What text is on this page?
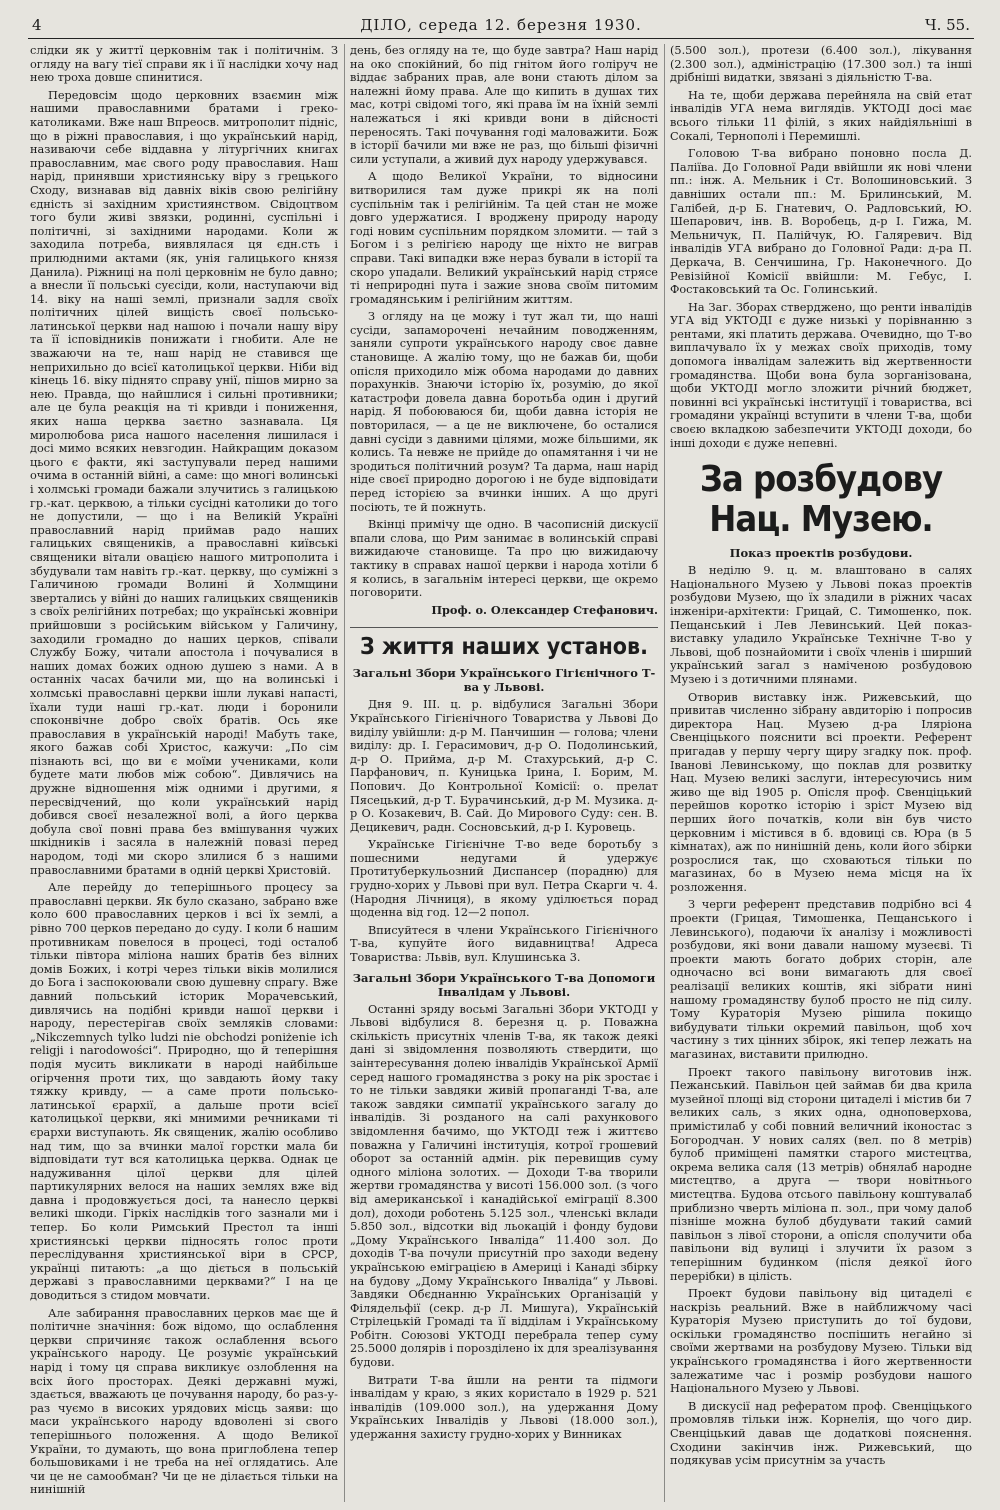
ДІЛО, середа 12. березня 1930.
4	Ч. 55.

слідки як у життї церковнім так і політичнім. З огляду на вагу тієї справи як і її наслідки хочу над нею троха довше спинитися.

Передовсім щодо церковних взаємин між нашими православними братами і греко-католиками. Вже наш Впреосв. митрополит підніс, що в ріжні православия, і що український нарід, називаючи себе віддавна у літургічних книгах православним, має свого роду православия. Наш нарід, принявши християнську віру з грецького Сходу, визнавав від давніх віків свою релігійну єдність зі західним християнством. Свідоцтвом того були живі звязки, родинні, суспільні і політичні, зі західними народами. Коли ж заходила потреба, виявлялася ця єдн.сть і прилюдними актами (як, унія галицького князя Данила). Ріжниці на полі церковнім не було давно; а внесли її польські суєсіди, коли, наступаючи від 14. віку на наші землі, признали задля своїх політичних цілей вищість своєї польсько-латинської церкви над нашою і почали нашу віру та її ісповідників понижати і гнобити. Але не зважаючи на те, наш нарід не ставився ще неприхильно до всієї католицької церкви. Ніби від кінець 16. віку піднято справу унії, пішов мирно за нею. Правда, що найшлися і сильні противники; але це була реакція на ті кривди і пониження, яких наша церква заєтно зазнавала. Ця миролюбова риса нашого населення лишилася і досі мимо всяких невзгодин. Найкращим доказом цього є факти, які заступували перед нашими очима в останній війні, а саме: що многі волинські і холмські громади бажали злучитись з галицькою гр.-кат. церквою, а тільки сусідні католики до того не допустили, — що і на Великій Україні православний нарід приймав радо наших галицьких священиків, а православні київські священики вітали овацією нашого митрополита і збудували там навіть гр.-кат. церкву, що суміжні з Галичиною громади Волині й Холмщини звертались у війні до наших галицьких священиків з своїх релігійних потребах; що українські жовніри прийшовши з російським військом у Галичину, заходили громадно до наших церков, співали Службу Божу, читали апостола і почувалися в наших домах божих одною душею з нами. А в останніх часах бачили ми, що на волинські і холмські православні церкви ішли лукаві напасті, їхали туди наші гр.-кат. люди і боронили споконвічне добро своїх братів. Ось яке православия в українській народі! Мабуть таке, якого бажав собі Христос, кажучи: „По сім пізнають всі, що ви є моїми учениками, коли будете мати любов між собою“. Дивлячись на дружне відношення між одними і другими, я пересвідчений, що коли український нарід добився своєї незалежної волі, а його церква добула свої повні права без вмішування чужих шкідників і засяла в належній повазі перед народом, тоді ми скоро злилися б з нашими православними братами в одній церкві Христовій.

Але перейду до теперішнього процесу за православні церкви. Як було сказано, забрано вже коло 600 православних церков і всі їх землі, а рівно 700 церков передано до суду. І коли б нашим противникам повелося в процесі, тоді осталоб тільки півтора міліона наших братів без вілних домів Божих, і котрі через тільки віків молилися до Бога і заспокоювали свою душевну спрагу. Вже давний польський історик Морачевський, дивлячись на подібні кривди нашої церкви і народу, перестерігав своїх земляків словами: „Nikczemnych tylko ludzi nie obchodzi poniżenie ich religji i narodowości“. Природно, що й теперішня подія мусить викликати в народі найбільше огірчення проти тих, що завдають йому таку тяжку кривду, — а саме проти польсько-латинської єрархії, а дальше проти всієї католицької церкви, які мнимими речниками ті єрархи виступають. Як священик, жалію особливо над тим, що за вчинки малої горстки мала би відповідати тут вся католицька церква. Однак це надуживання цілої церкви для цілей партикулярних велося на наших землях вже від давна і продовжується досі, та нанесло церкві великі шкоди. Гіркіх наслідків того зазнали ми і тепер. Бо коли Римський Престол та інші християнські церкви підносять голос проти переслідування християнської віри в СРСР, українці питають: „а що діється в польській державі з православними церквами?“ І на це доводиться з стидом мовчати.

Але забирання православних церков має ще й політичне значіння: бож відомо, що ослаблення церкви спричиняє також ослаблення всього українського народу. Це розуміє український нарід і тому ця справа викликує озлоблення на всіх його просторах. Деякі державні мужі, здається, вважають це почування народу, бо раз-у-раз чуємо в високих урядових місць заяви: що маси українського народу вдоволені зі свого теперішнього положення. А щодо Великої України, то думають, що вона приглоблена тепер большовиками і не треба на неї оглядатись. Але чи це не самообман? Чи це не ділається тільки на нинішній

день, без огляду на те, що буде завтра? Наш нарід на око спокійний, бо під гнітом його голіруч не віддає забраних прав, але вони стають ділом за належні йому права. Але що кипить в душах тих мас, котрі свідомі того, які права їм на їхній землі належаться і які кривди вони в дійсності переносять. Такі почування годі маловажити. Бож в історії бачили ми вже не раз, що більші фізичні сили уступали, а живий дух народу удержувався.

А щодо Великої України, то відносини витворилися там дуже прикрі як на полі суспільнім так і релігійнім. Та цей стан не може довго удержатися. І вроджену природу народу годі новим суспільним порядком зломити. — тай з Богом і з релігією народу ще ніхто не виграв справи. Такі випадки вже нераз бували в історії та скоро упадали. Великий український нарід стрясе ті неприродні пута і зажие знова своїм питомим громадянським і релігійним життям.

З огляду на це можу і тут жал ти, що наші сусіди, запаморочені нечайним поводженням, заняли супроти українського народу своє давне становище. А жалію тому, що не бажав би, щоби опісля приходило між обома народами до давних порахунків. Знаючи історію їх, розумію, до якої катастрофи довела давна боротьба один і другий нарід. Я побоюваюся би, щоби давна історія не повторилася, — а це не виключене, бо осталися давні сусіди з давними цілями, може більшими, як колись. Та невже не прийде до опамятання і чи не зродиться політичний розум? Та дарма, наш нарід ніде своєї природно дорогою і не буде відповідати перед історією за вчинки інших. А що другі посіють, те й пожнуть.

Вкінці примічу ще одно. В часописній дискусії впали слова, що Рим занимає в волинській справі вижидаюче становище. Та про цю вижидаючу тактику в справах нашої церкви і народа хотіли б я колись, в загальнім інтересі церкви, ще окремо поговорити.

Проф. о. Олександер Стефанович.

З життя наших установ.
Загальні Збори Українського Гігієнічного Т-ва у Львові.

Дня 9. ІІІ. ц. р. відбулися Загальні Збори Українського Гігієнічного Товариства у Львові До виділу увійшли: д-р М. Панчишин — голова; члени виділу: др. І. Герасимович, д-р О. Подолинський, д-р О. Прийма, д-р М. Стахурський, д-р С. Парфанович, п. Куницька Ірина, І. Борим, М. Попович. До Контрольної Комісії: о. прелат Пясецький, д-р Т. Бурачинський, д-р М. Музика. д-р О. Козакевич, В. Сай. До Мирового Суду: сен. В. Децикевич, радн. Сосновський, д-р І. Куровець.

Українське Гігієнічне Т-во веде боротьбу з пошесними недугами й удержує Протитуберкульозний Диспансер (порадню) для грудно-хорих у Львові при вул. Петра Скарги ч. 4. (Народня Лічниця), в якому уділюється порад щоденна від год. 12—2 попол.

Вписуйтеся в члени Українського Гігієнічного Т-ва, купуйте його видавництва! Адреса Товариства: Львів, вул. Клушинська 3.

Загальні Збори Українського Т-ва Допомоги Інвалідам у Львові.

Останні зряду восьмі Загальні Збори УКТОДІ у Львові відбулися 8. березня ц. р. Поважна скількість присутніх членів Т-ва, як також деякі дані зі звідомлення позволяють ствердити, що заінтересування долею інвалідів Української Армії серед нашого громадянства з року на рік зростає і то не тільки завдяки живій пропаганді Т-ва, але також завдяки симпатії українського загалу до інвалідів. Зі розданого на салі рахункового звідомлення бачимо, що УКТОДІ теж і життєво поважна у Галичині інституція, котрої грошевий оборот за останній адмін. рік перевищив суму одного міліона золотих. — Доходи Т-ва творили жертви громадянства у висоті 156.000 зол. (з чого від американської і канадійської еміграції 8.300 дол), доходи роботень 5.125 зол., членські вклади 5.850 зол., відсотки від льокацій і фонду будови „Дому Українського Інваліда“ 11.400 зол. До доходів Т-ва почули присутній про заходи ведену українською еміграцією в Америці і Канаді збірку на будову „Дому Українського Інваліда“ у Львові. Завдяки Обєднанню Українських Організацій у Філядельфії (секр. д-р Л. Мишуга), Українській Стрілецькій Громаді та її відділам і Українському Робітн. Союзові УКТОДІ перебрала тепер суму 25.5000 долярів і порозділено іх для зреалізування будови.

Витрати Т-ва йшли на ренти та підмоги інвалідам у краю, з яких користало в 1929 р. 521 інвалідів (109.000 зол.), на удержання Дому Українських Інвалідів у Львові (18.000 зол.), удержання захисту грудно-хорих у Винниках

(5.500 зол.), протези (6.400 зол.), лікування (2.300 зол.), адміністрацію (17.300 зол.) та інші дрібніші видатки, звязані з діяльністю Т-ва.

На те, щоби держава перейняла на свій етат інвалідів УГА нема виглядів. УКТОДІ досі має всього тільки 11 філій, з яких найдіяльніші в Сокалі, Тернополі і Перемишлі.

Головою Т-ва вибрано поновно посла Д. Паліїва. До Головної Ради ввійшли як нові члени пп.: інж. А. Мельник і Ст. Волошиновський. З давніших остали пп.: М. Брилинський, М. Галібей, д-р Б. Гнатевич, О. Радловський, Ю. Шепарович, інв. В. Воробець, д-р І. Гижа, М. Мельничук, П. Палійчук, Ю. Галяревич. Від інвалідів УГА вибрано до Головної Ради: д-ра П. Деркача, В. Сенчишина, Гр. Наконечного. До Ревізійної Комісії ввійшли: М. Гебус, І. Фостаковський та Ос. Голинський.

На Заг. Зборах стверджено, що ренти інвалідів УГА від УКТОДІ є дуже низькі у порівнанню з рентами, які платить держава. Очевидно, що Т-во виплачувало їх у межах своїх приходів, тому допомога інвалідам залежить від жертвенности громадянства. Щоби вона була зорганізована, щоби УКТОДІ могло зложити річний бюджет, повинні всі українські інституції і товариства, всі громадяни українці вступити в члени Т-ва, щоби своєю вкладкою забезпечити УКТОДІ доходи, бо інші доходи є дуже непевні.

За розбудову Нац. Музею.
Показ проектів розбудови.

В неділю 9. ц. м. влаштовано в салях Національного Музею у Львові показ проектів розбудови Музею, що їх зладили в ріжних часах інженіри-архітекти: Грицай, С. Тимошенко, пок. Пещанський і Лев Левинський. Цей показ-виставку уладило Українське Технічне Т-во у Львові, щоб познайомити і своїх членів і ширший український загал з наміченою розбудовою Музею і з дотичними плянами.

Отворив виставку інж. Рижевський, що привитав численно зібрану авдиторію і попросив директора Нац. Музею д-ра Іляріона Свенціцького пояснити всі проекти. Референт пригадав у першу чергу щиру згадку пок. проф. Івановi Левинському, що поклав для розвитку Нац. Музею великі заслуги, інтересуючись ним живо ще від 1905 р. Опісля проф. Свенціцький перейшов коротко історію і зріст Музею від перших його початків, коли він був чисто церковним і містився в б. вдовиці св. Юра (в 5 кімнатах), аж по нинішній день, коли його збірки розрослися так, що сховаються тільки по магазинах, бо в Музею нема місця на їх розложення.

З черги референт представив подрібно всі 4 проекти (Грицая, Тимошенка, Пещанського і Левинського), подаючи їх аналізу і можливості розбудови, які вони давали нашому музеєві. Ті проекти мають богато добрих сторін, але одночасно всі вони вимагають для своєї реалізації великих коштів, які зібрати нині нашому громадянству булоб просто не під силу. Тому Кураторія Музею рішила покищо вибудувати тільки окремий павільон, щоб хоч частину з тих цінних збірок, які тепер лежать на магазинах, виставити прилюдно.

Проект такого павільону виготовив інж. Пежанський. Павільон цей займав би два крила музейної площі від сторони цитаделі і містив би 7 великих саль, з яких одна, одноповерхова, примістилаб у собі повний величний іконостас з Богородчан. У нових салях (вел. по 8 метрів) булоб приміщені памятки старого мистецтва, окрема велика саля (13 метрів) обнялаб народне мистецтво, а друга — твори новітнього мистецтва. Будова отсього павільону коштувалаб приблизно чверть міліона п. зол., при чому далоб пізніше можна булоб дбудувати такий самий павільон з лівої сторони, а опісля сполучити оба павільони від вулиці і злучити їх разом з теперішним будинком (після деякої його перерібки) в цілість.

Проект будови павільону від цитаделі є наскрізь реальний. Вже в найближчому часі Кураторія Музею приступить до тої будови, оскільки громадянство поспішить негайно зі своїми жертвами на розбудову Музею. Тільки від українського громадянства і його жертвенности залежатиме час і розмір розбудови нашого Національного Музею у Львові.

В дискусії над рефератом проф. Свенціцького промовляв тільки інж. Корнелія, що чого дир. Свенціцький давав ще додаткові пояснення. Сходини закінчив інж. Рижевський, що подякував усім присутнім за участь
